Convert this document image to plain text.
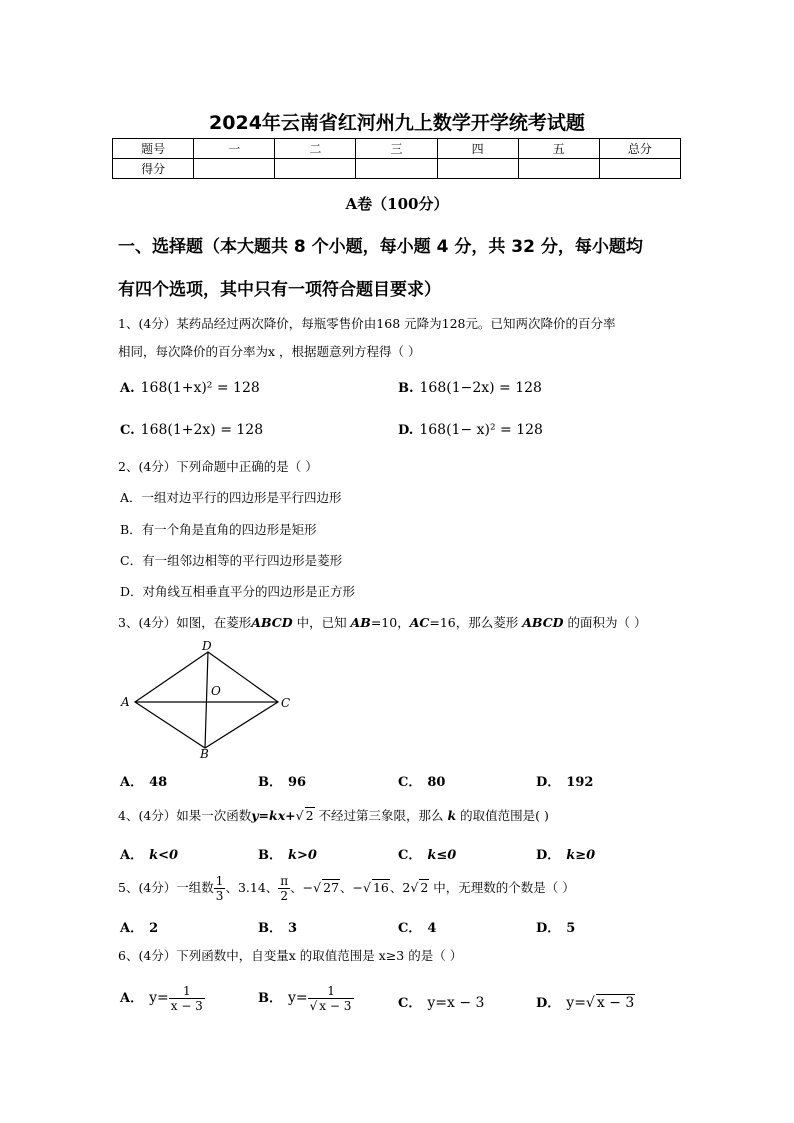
2024年云南省红河州九上数学开学统考试题
题号	一	二	三	四	五	总分
得分						
A卷（100分）
一、选择题（本大题共 8 个小题，每小题 4 分，共 32 分，每小题均
有四个选项，其中只有一项符合题目要求）
1、(4分）某药品经过两次降价，每瓶零售价由168 元降为128元。已知两次降价的百分率
相同，每次降价的百分率为x ，根据题意列方程得（ ）
A. 168(1+x)² = 128	B. 168(1−2x) = 128
C. 168(1+2x) = 128	D. 168(1− x)² = 128
2、(4分）下列命题中正确的是（ ）
A．一组对边平行的四边形是平行四边形
B．有一个角是直角的四边形是矩形
C．有一组邻边相等的平行四边形是菱形
D．对角线互相垂直平分的四边形是正方形
3、(4分）如图，在菱形ABCD 中，已知 AB=10，AC=16，那么菱形 ABCD 的面积为（ ）
D
A	C
B
O
A． 48	B． 96	C． 80	D． 192
4、(4分）如果一次函数y=kx+√ 2 不经过第三象限，那么 k 的取值范围是( )
A． k<0	B． k>0	C． k≤0	D． k≥0
5、(4分）一组数 $\frac{1}{3}$ 、3.14、 $\frac{\pi}{2}$ 、−√ 27、−√ 16、2√ 2 中，无理数的个数是（ ）
A． 2	B． 3	C． 4	D． 5
6、(4分）下列函数中，自变量x 的取值范围是 x≥3 的是（ ）
A． $y= \frac{1}{x - 3}$	B． $y= \frac{1}{√ x - 3}$	C． y=x − 3	D． y=√ x − 3
